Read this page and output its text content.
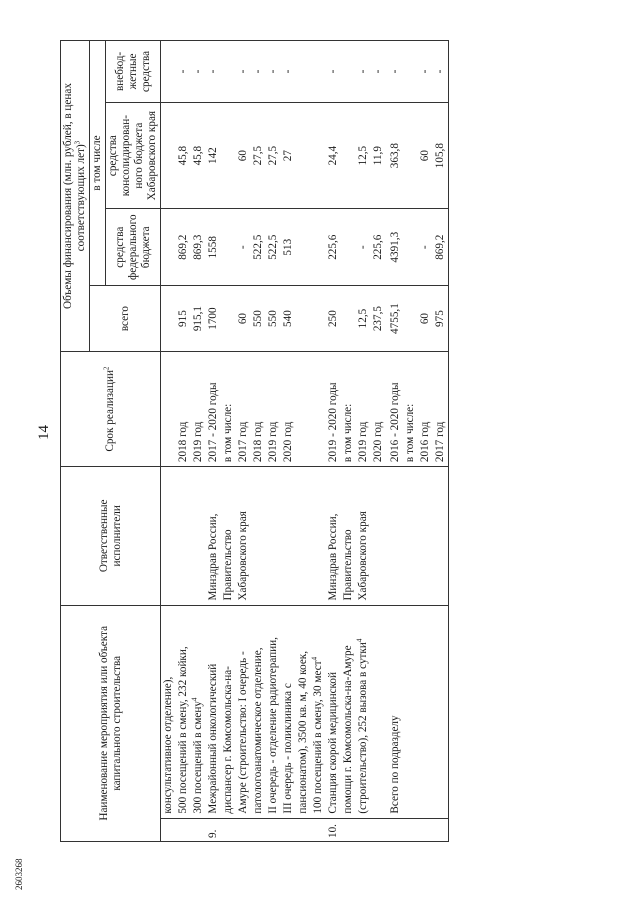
14
2603268
Наименование мероприятия или объекта капитального строительства		Ответственные исполнители	Срок реализации$^2$	Объемы финансирования (млн. рублей, в ценах соответствующих лет)$^3$
				всего	в том числе		
					средства федерального бюджета	средства консолидирован-ного бюджета Хабаровского края	внебюд-жетные средства
	консультативное отделение),						
	500 посещений в смену, 232 койки,		2018 год	915	869,2	45,8	-
	300 посещений в смену$^4$		2019 год	915,1	869,3	45,8	-
9.	Межрайонный онкологический	Минздрав России,	2017 - 2020 годы	1700	1558	142	-
	диспансер г. Комсомольска-на-	Правительство	в том числе:				
	Амуре (строительство: I очередь -	Хабаровского края	2017 год	60	-	60	-
	патологоанатомическое отделение,		2018 год	550	522,5	27,5	-
	II очередь - отделение радиотерапии,		2019 год	550	522,5	27,5	-
	III очередь - поликлиника с		2020 год	540	513	27	-
	пансионатом), 3500 кв. м, 40 коек,						
	100 посещений в смену, 30 мест$^4$						
10.	Станция скорой медицинской	Минздрав России,	2019 - 2020 годы	250	225,6	24,4	-
	помощи г. Комсомольска-на-Амуре	Правительство	в том числе:				
	(строительство), 252 вызова в сутки$^4$	Хабаровского края	2019 год	12,5	-	12,5	-
			2020 год	237,5	225,6	11,9	-

	Всего по подразделу		2016 - 2020 годы	4755,1	4391,3	363,8	-
			в том числе:				
			2016 год	60	-	60	-
			2017 год	975	869,2	105,8	-
